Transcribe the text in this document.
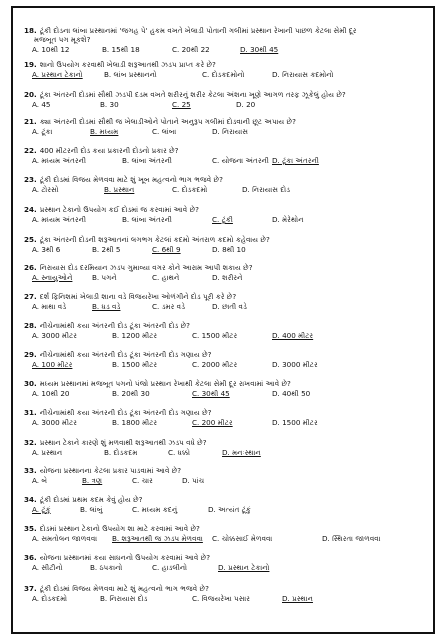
18. ટૂંકી દોડના લાંબા પ્રસ્થાનમાં 'જગહ પે' હુકમ વખતે ખેલાડી પોતાની ગલીમાં પ્રસ્થાન રેખાની પાછળ કેટલા સેમી દૂર
મજબૂત પગ મૂકશે?
A. 10થી 12	B. 15થી 18	C. 20થી 22	D. 30થી 45
19. શાનો ઉપયોગ કરવાથી ખેલાડી શરૂઆતથી ઝડપ પ્રાપ્ત કરે છે?
A. પ્રસ્થાન ટેકાનો	B. લાંબ પ્રસ્થાનનો	C. દોડકદમોનો	D. નિરાયાસ કદમોનો
20. ટૂંકા અંતરની દોડમાં સૌથી ઝડપી દડમ વખતે શરીરનું શરીર કેટલા અંશના ખૂણે આગળ તરફ ઝૂકેલું હોય છે?
A. 45	B. 30	C. 25	D. 20
21. ક્યા અંતરની દોડમાં સૌથી જ ખેલાડીઓને પોતાને અનુરૂપ ગલીમાં દોડવાની છૂટ અપાય છે?
A. ટૂંકા	B. મધ્યમ	C. લાંબા	D. નિરાયાસ
22. 400 મીટરની દોડ કયા પ્રકારની દોડનો પ્રકાર છે?
A. મધ્યમ અંતરની	B. લાંબા અંતરની	C. યોજના અંતરની D. ટૂંકા અંતરની
23. ટૂંકી દોડમાં વિજય મેળવવા માટે શું ખૂબ મહત્વનો ભાગ ભજવે છે?
A. ટોરસો	B. પ્રસ્થાન	C. દોડકદમો	D. નિરાયાસ દોડ
24. પ્રસ્થાન ટેકાનો ઉપયોગ કઈ દોડમાં જ કરવામાં આવે છે?
A. મધ્યમ અંતરની	B. લાંબા અંતરની	C. ટૂંકી	D. મેરેથોન
25. ટૂંકા અંતરની દોડની શરૂઆતનાં લગભગ કેટલાં કદમો અંતરાળ કદમો કહેવાય છે?
A. 3થી 6	B. 2થી 5	C. 6થી 9	D. 8થી 10
26. નિરાયાસ દોડ દરમિયાન ઝડપ ગુમાવ્યા વગર કોને આરામ આપી શકાય છે?
A. સ્નાયુઓને	B. પગને	C. હાથને	D. શરીરને
27. દર્શ ફિનિશમાં ખેલાડી શાના વડે વિજયરેખા ઓળંગીને દોડ પૂરી કરે છે?
A. માથા વડે	B. ધડ વડે	C. ડમર વડે	D. છાતી વડે
28. નીચેનામાંથી કયા અંતરની દોડ ટૂંકા અંતરની દોડ છે?
A. 3000 મીટર	B. 1200 મીટર	C. 1500 મીટર	D. 400 મીટર
29. નીચેનામાંથી કયા અંતરની દોડ ટૂંકા અંતરની દોડ ગણાય છે?
A. 100 મીટર	B. 1500 મીટર	C. 2000 મીટર	D. 3000 મીટર
30. મધ્યમ પ્રસ્થાનમાં મજબૂત પગનો પંજો પ્રસ્થાન રેખાથી કેટલા સેમી દૂર રાખવામાં આવે છે?
A. 10થી 20	B. 20થી 30	C. 30થી 45	D. 40થી 50
31. નીચેનામાંથી કયા અંતરની દોડ ટૂંકા અંતરની દોડ ગણાય છે?
A. 3000 મીટર	B. 1800 મીટર	C. 200 મીટર	D. 1500 મીટર
32. પ્રસ્થાન ટેકાને કારણે શું મળવાથી શરૂઆતથી ઝડપ વધે છે?
A. પ્રસ્થાન	B. દોડકદમ	C. ધક્કો	D. મનઃસ્થાન
33. યોજના પ્રસ્થાનના કેટલા પ્રકાર પાડવામાં આવે છે?
A. બે	B. ત્રણ	C. ચાર	D. પાંચ
34. ટૂંકી દોડમાં પ્રથમ કદમ કેવું હોય છે?
A. ટૂંકું	B. લાંબું	C. મધ્યમ કદનું	D. અત્યંત ટૂંકું
35. દોડમાં પ્રસ્થાન ટેકાનો ઉપયોગ શા માટે કરવામાં આવે છે?
A. સમતોલન જાળવવા B. શરૂઆતથી જ ઝડપ મેળવવા C. ચોક્કસાઈ મેળવવા	D. સ્થિરતા જાળવવા
36. યોજના પ્રસ્થાનમાં કયા સાધનનો ઉપયોગ કરવામાં આવે છે?
A. સીટીનો	B. ઠપકાનો	C. હાડલીનો	D. પ્રસ્થાન ટેકાનો
37. ટૂંકી દોડમાં વિજય મેળવવા માટે શું મહત્વનો ભાગ ભજવે છે?
A. દોડકદમો	B. નિરાયાસ દોડ	C. વિજયરેખા પસાર	D. પ્રસ્થાન
